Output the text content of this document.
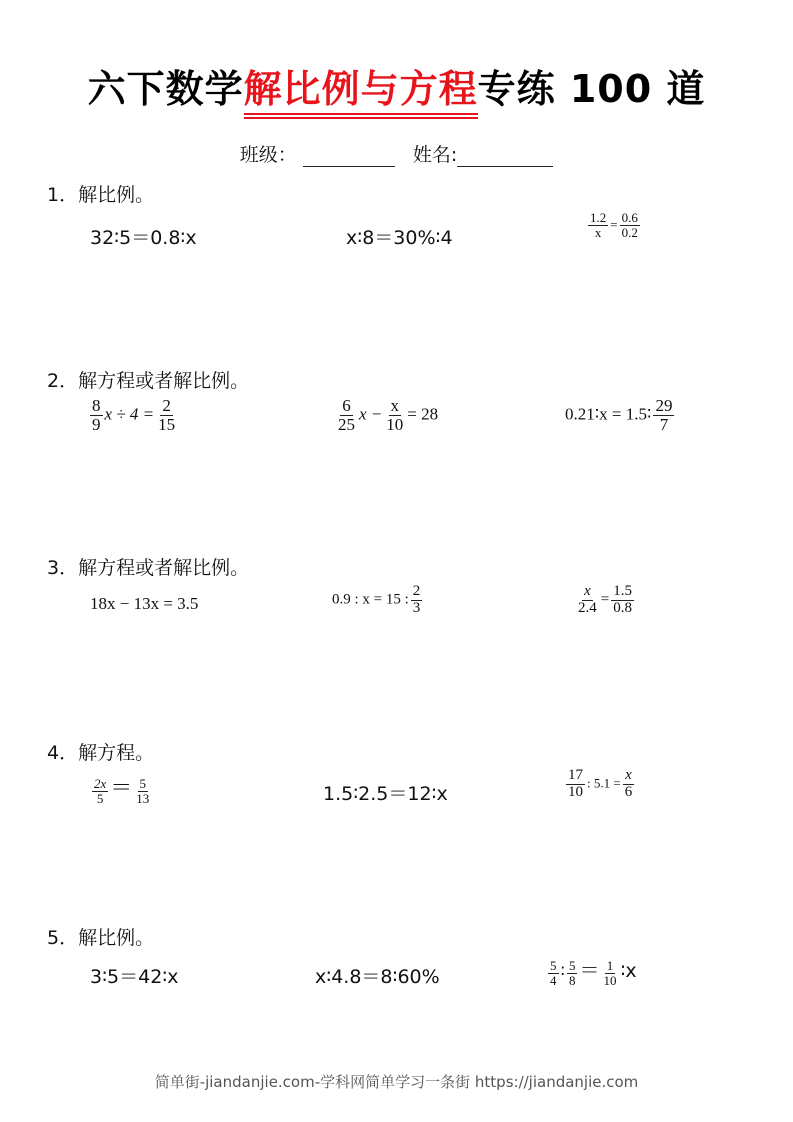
六下数学解比例与方程专练 100 道
班级：	姓名:
1．解比例。
32∶5＝0.8∶x	x∶8＝30%∶4	$\frac{1.2}{x} = \frac{0.6}{0.2}$
2．解方程或者解比例。
$\frac{8}{9}$ $x \div 4 = \frac{2}{15}$	$\frac{6}{25}$ $x - \frac{x}{10} = 28$	0.21∶x = 1.5∶ $\frac{29}{7}$
3．解方程或者解比例。
18x − 13x = 3.5	0.9 : x = 15 : $\frac{2}{3}$	$\frac{x}{2.4} = \frac{1.5}{0.8}$
4．解方程。
$\frac{2x}{5} = \frac{5}{13}$	1.5∶2.5＝12∶x	$\frac{17}{10}$ : $5.1 = \frac{x}{6}$
5．解比例。
3∶5＝42∶x	x∶4.8＝8∶60%	$\frac{5}{4}$ ∶ $\frac{5}{8} = \frac{1}{10}$ ∶x
简单街-jiandanjie.com-学科网简单学习一条街 https://jiandanjie.com
